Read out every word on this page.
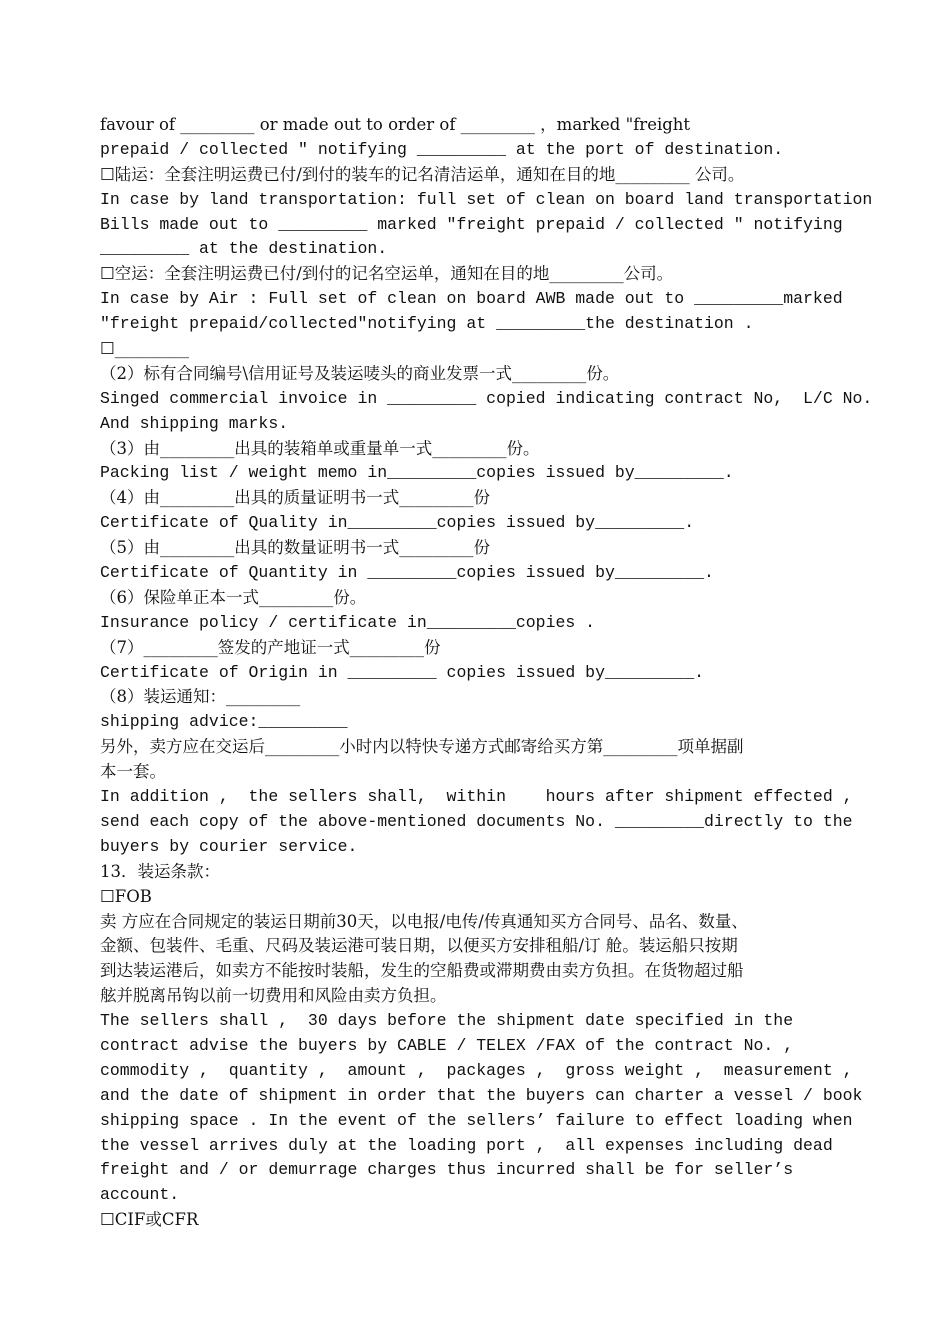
favour of _________ or made out to order of _________ ，marked "freight

prepaid / collected " notifying _________ at the port of destination.

☐陆运：全套注明运费已付/到付的装车的记名清洁运单，通知在目的地_________ 公司。

In case by land transportation: full set of clean on board land transportation

Bills made out to _________ marked "freight prepaid / collected " notifying

_________ at the destination.

☐空运：全套注明运费已付/到付的记名空运单，通知在目的地_________公司。

In case by Air : Full set of clean on board AWB made out to _________marked

"freight prepaid/collected"notifying at _________the destination .

☐_________

（2）标有合同编号\信用证号及装运唛头的商业发票一式_________份。

Singed commercial invoice in _________ copied indicating contract No,  L/C No.

And shipping marks.

（3）由_________出具的装箱单或重量单一式_________份。

Packing list / weight memo in_________copies issued by_________.

（4）由_________出具的质量证明书一式_________份

Certificate of Quality in_________copies issued by_________.

（5）由_________出具的数量证明书一式_________份

Certificate of Quantity in _________copies issued by_________.

（6）保险单正本一式_________份。

Insurance policy / certificate in_________copies .

（7）_________签发的产地证一式_________份

Certificate of Origin in _________ copies issued by_________.

（8）装运通知：_________

shipping advice:_________

另外，卖方应在交运后_________小时内以特快专递方式邮寄给买方第_________项单据副

本一套。

In addition ,  the sellers shall,  within    hours after shipment effected ,

send each copy of the above-mentioned documents No. _________directly to the

buyers by courier service.

13．装运条款：

☐FOB

卖 方应在合同规定的装运日期前30天，以电报/电传/传真通知买方合同号、品名、数量、

金额、包装件、毛重、尺码及装运港可装日期，以便买方安排租船/订 舱。装运船只按期

到达装运港后，如卖方不能按时装船，发生的空船费或滞期费由卖方负担。在货物超过船

舷并脱离吊钩以前一切费用和风险由卖方负担。

The sellers shall ,  30 days before the shipment date specified in the

contract advise the buyers by CABLE / TELEX /FAX of the contract No. ,

commodity ,  quantity ,  amount ,  packages ,  gross weight ,  measurement ,

and the date of shipment in order that the buyers can charter a vessel / book

shipping space . In the event of the sellers’ failure to effect loading when

the vessel arrives duly at the loading port ,  all expenses including dead

freight and / or demurrage charges thus incurred shall be for seller’s

account.

☐CIF或CFR
